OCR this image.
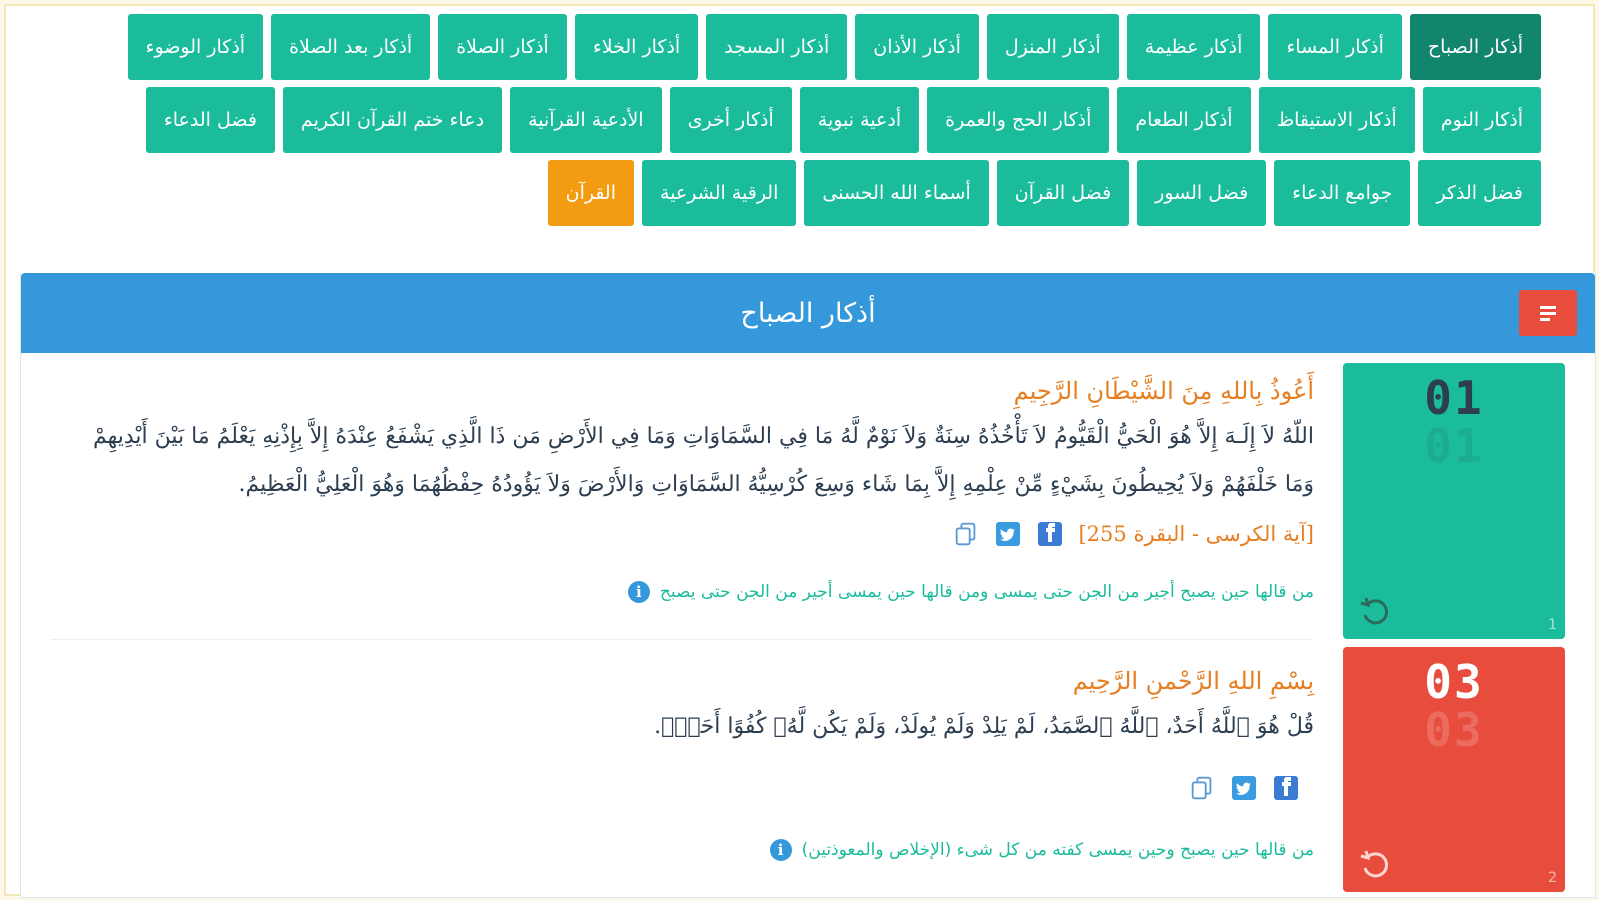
أذكار الصباح
أذكار المساء
أذكار عظيمة
أذكار المنزل
أذكار الأذان
أذكار المسجد
أذكار الخلاء
أذكار الصلاة
أذكار بعد الصلاة
أذكار الوضوء
أذكار النوم
أذكار الاستيقاظ
أذكار الطعام
أذكار الحج والعمرة
أدعية نبوية
أذكار أخرى
الأدعية القرآنية
دعاء ختم القرآن الكريم
فضل الدعاء
فضل الذكر
جوامع الدعاء
فضل السور
فضل القرآن
أسماء الله الحسنى
الرقية الشرعية
القرآن
أذكار الصباح
أَعُوذُ بِاللهِ مِنَ الشَّيْطَانِ الرَّجِيمِ
اللّهُ لاَ إِلَـهَ إِلاَّ هُوَ الْحَيُّ الْقَيُّومُ لاَ تَأْخُذُهُ سِنَةٌ وَلاَ نَوْمٌ لَّهُ مَا فِي السَّمَاوَاتِ وَمَا فِي الأَرْضِ مَن ذَا الَّذِي يَشْفَعُ عِنْدَهُ إِلاَّ بِإِذْنِهِ يَعْلَمُ مَا بَيْنَ أَيْدِيهِمْ وَمَا خَلْفَهُمْ وَلاَ يُحِيطُونَ بِشَيْءٍ مِّنْ عِلْمِهِ إِلاَّ بِمَا شَاء وَسِعَ كُرْسِيُّهُ السَّمَاوَاتِ وَالأَرْضَ وَلاَ يَؤُودُهُ حِفْظُهُمَا وَهُوَ الْعَلِيُّ الْعَظِيمُ.
[آية الكرسى - البقرة 255]
من قالها حين يصبح أجير من الجن حتى يمسى ومن قالها حين يمسى أجير من الجن حتى يصبح
i
01
01
1
بِسْمِ اللهِ الرَّحْمنِ الرَّحِيم
قُلْ هُوَ ٱللَّهُ أَحَدٌ، ٱللَّهُ ٱلصَّمَدُ، لَمْ يَلِدْ وَلَمْ يُولَدْ، وَلَمْ يَكُن لَّهُۥ كُفُوًا أَحَدٌۢ.
من قالها حين يصبح وحين يمسى كفته من كل شىء (الإخلاص والمعوذتين)
i
03
03
2
